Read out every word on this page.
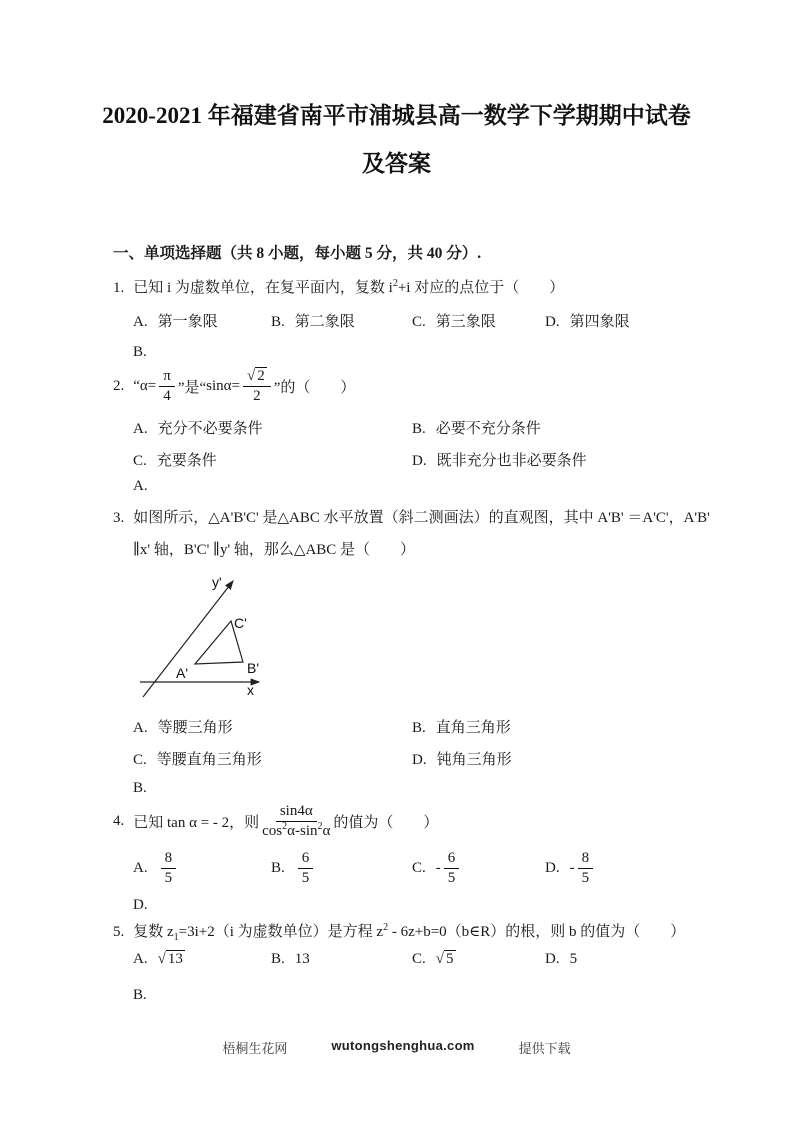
2020-2021 年福建省南平市浦城县高一数学下学期期中试卷
及答案
一、单项选择题（共 8 小题，每小题 5 分，共 40 分）.
1. 已知 i 为虚数单位，在复平面内，复数 $i^2+i$ 对应的点位于（　　）
A. 第一象限	B. 第二象限	C. 第三象限	D. 第四象限
B.
2. “ $\alpha= \frac{\pi}{4}$ ”是“ $\sin\alpha= \frac{√ 2}{2}$ ”的（　　）
A. 充分不必要条件	B. 必要不充分条件
C. 充要条件	D. 既非充分也非必要条件
A.
3. 如图所示，△A'B'C' 是△ABC 水平放置（斜二测画法）的直观图，其中 A'B' ＝A'C'，A'B'
∥x' 轴，B'C' ∥y' 轴，那么△ABC 是（　　）
y'
x
C'
B'
A'
A. 等腰三角形	B. 直角三角形
C. 等腰直角三角形	D. 钝角三角形
B.
4. 已知 tan α = - 2，则 $\frac{\sin 4\alpha}{\cos^2\alpha-\sin^2\alpha}$ 的值为（　　）
A. $\frac{8}{5}$	B. $\frac{6}{5}$	C. - $\frac{6}{5}$	D. - $\frac{8}{5}$
D.
5. 复数 $z_1=3i+2(i$ 为虚数单位）是方程 $z^2$ - 6z+b=0（b∈R）的根，则 b 的值为（　　）
A. √ 13	B. 13	C. √ 5	D. 5
B.
梧桐生花网	wutongshenghua.com	提供下载
